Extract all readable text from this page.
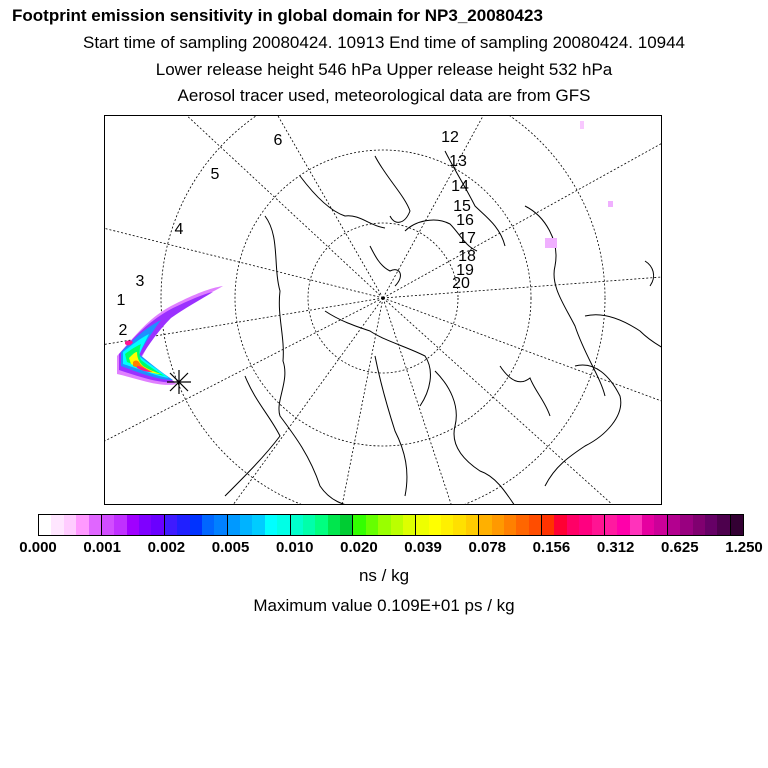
Footprint emission sensitivity in global domain for NP3_20080423
Start time of sampling 20080424. 10913 End time of sampling 20080424. 10944
Lower release height 546 hPa Upper release height 532 hPa
Aerosol tracer used, meteorological data are from GFS
1
2
3
4
5
6	12
13
14
15
16
17
18
19
20
0.000 0.001 0.002 0.005 0.010 0.020 0.039 0.078 0.156 0.312 0.625 1.250
ns / kg
Maximum value 0.109E+01 ps / kg
